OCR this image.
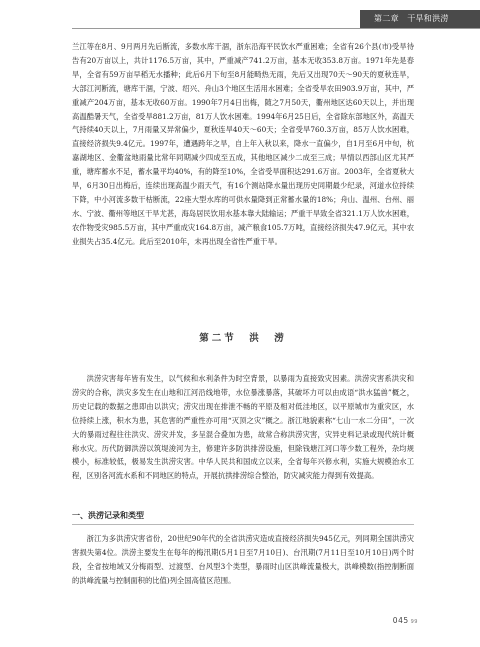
第二章　干旱和洪涝

兰江等在8月、9月两月先后断流，多数水库干涸，浙东沿海平民饮水严重困难；全省有26个县(市)受旱待告有20万亩以上，共计1176.5万亩，其中，严重减产741.2万亩，基本无收353.8万亩。1971年先是春旱，全省有59万亩早稻无水播种；此后6月下旬至8月能畸热无雨，先后又出现70天～90天的夏秋连旱，大部江河断流，塘库干涸，宁波、绍兴、舟山3个地区生活用水困难；全省受旱农田903.9万亩，其中，严重减产204万亩，基本无收60万亩。1990年7月4日出梅，随之7月50天，衢州地区达60天以上，并出现高温酷暑天气，全省受旱881.2万亩，81万人饮水困难。1994年6月25日后，全省除东部地区外，高温天气持续40天以上，7月雨量又异常偏少，夏秋连旱40天～60天；全省受旱760.3万亩，85万人饮水困难，直接经济损失9.4亿元。1997年，遭遇跨年之旱，自上年入秋以来，降水一直偏少，自1月至6月中旬，杭嘉湖地区、金衢盆地雨量比常年同期减少四成至五成，其他地区减少二成至三成；旱情以西部山区尤其严重，塘库蓄水不足，蓄水量平均40%，有的降至10%，全省受旱面积达291.6万亩。2003年，全省夏秋大旱，6月30日出梅后，连续出现高温少雨天气，有16个测站降水量出现历史同期最少纪录，河道水位持续下降，中小河流多数干枯断流，22座大型水库的可供水量降到正常蓄水量的18%；舟山、温州、台州、丽水、宁波、衢州等地区干旱尤甚，海岛居民饮用水基本靠大陆输运；严重干旱致全省321.1万人饮水困难，农作物受灾985.5万亩，其中严重成灾164.8万亩，减产粮食105.7万吨，直接经济损失47.9亿元，其中农业损失占35.4亿元。此后至2010年，未再出现全省性严重干旱。

第二节　洪　涝

洪涝灾害每年皆有发生，以气候和水利条件为时空背景，以暴雨为直接致灾因素。洪涝灾害系洪灾和涝灾的合称，洪灾多发生在山地和江河沿线地带，水位暴涨暴落，其破坏力可以由成语“洪水猛兽”概之，历史记载的数据之患即由以洪灾；涝灾出现在排泄不畅的平原及相对低洼地区，以平原城市为重灾区，水位持续上涨，积水为患，其危害的严重性亦可用“灭顶之灾”概之。浙江地貌素称“七山一水二分田”，一次大的暴雨过程往往洪灾、涝灾并发，多呈混合叠加为患，故常合称洪涝灾害，灾异史料记录或现代统计概称水灾。历代防御洪涝以筑堤浚河为主，修建许多防洪排涝设施，但除钱塘江河口等少数工程外，杂均规模小，标准较低，极易发生洪涝灾害。中华人民共和国成立以来，全省每年兴修水利，实施大规模治水工程，区别各河流水系和不同地区的特点，开展抗拱排涝综合整治，防灾减灾能力得到有效提高。

一、洪涝记录和类型

浙江为多洪涝灾害省份，20世纪90年代的全省洪涝灾造成直接经济损失945亿元，列同期全国洪涝灾害损失第4位。洪涝主要发生在每年的梅汛期(5月1日至7月10日)、台汛期(7月11日至10月10日)两个时段，全省按地域又分梅雨型、过渡型、台风型3个类型，暴雨时山区洪峰流量极大，洪峰模数(指控制断面的洪峰流量与控制面积的比值)列全国高值区范围。

045 99
